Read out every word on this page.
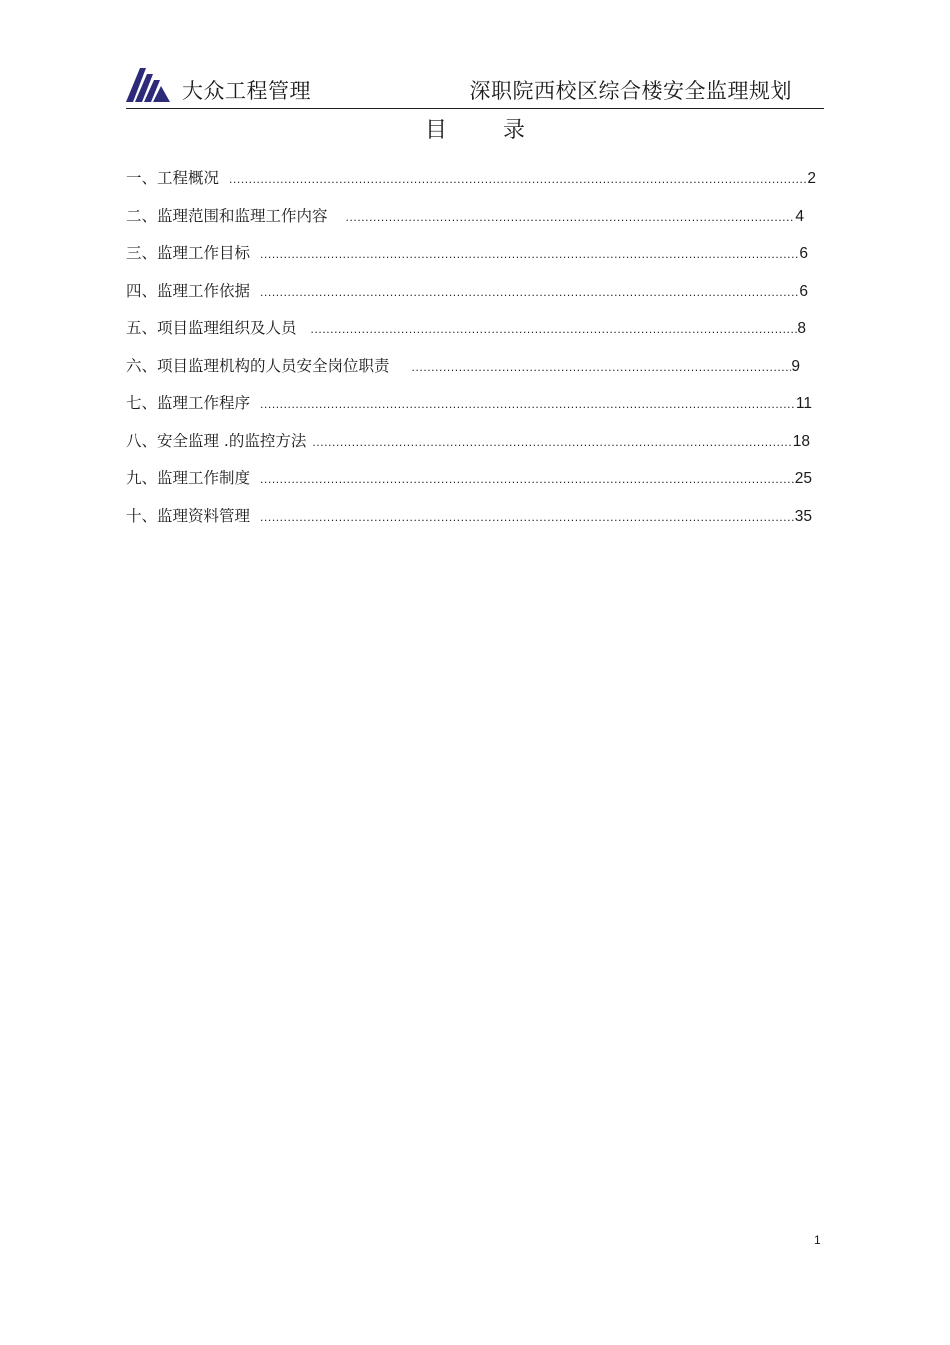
大众工程管理	深职院西校区综合楼安全监理规划
目	录
一、工程概况 .....	2
二、监理范围和监理工作内容 .....	4
三、监理工作目标 .....	6
四、监理工作依据 .....	6
五、项目监理组织及人员 .....	8
六、项目监理机构的人员安全岗位职责 .....	9
七、监理工作程序 .....	11
八、安全监理 .的监控方法 .....	18
九、监理工作制度 .....	25
十、监理资料管理 .....	35
1
